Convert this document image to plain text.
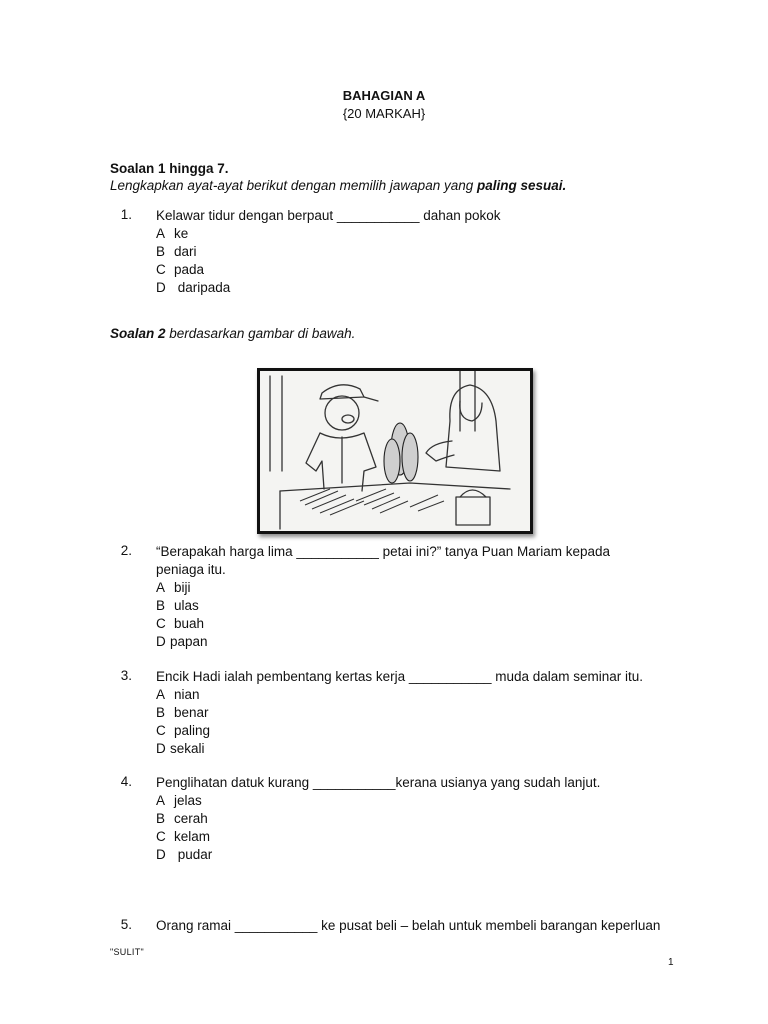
BAHAGIAN A
{20 MARKAH}
Soalan 1 hingga 7.
Lengkapkan ayat-ayat berikut dengan memilih jawapan yang paling sesuai.
1. Kelawar tidur dengan berpaut ___________ dahan pokok
A ke
B dari
C pada
D daripada
Soalan 2 berdasarkan gambar di bawah.
2. “Berapakah harga lima ___________ petai ini?” tanya Puan Mariam kepada
peniaga itu.
A biji
B ulas
C buah
D papan
3. Encik Hadi ialah pembentang kertas kerja ___________ muda dalam seminar itu.
A nian
B benar
C paling
D sekali
4. Penglihatan datuk kurang ___________kerana usianya yang sudah lanjut.
A jelas
B cerah
C kelam
D pudar
5. Orang ramai ___________ ke pusat beli – belah untuk membeli barangan keperluan
"SULIT"
1
